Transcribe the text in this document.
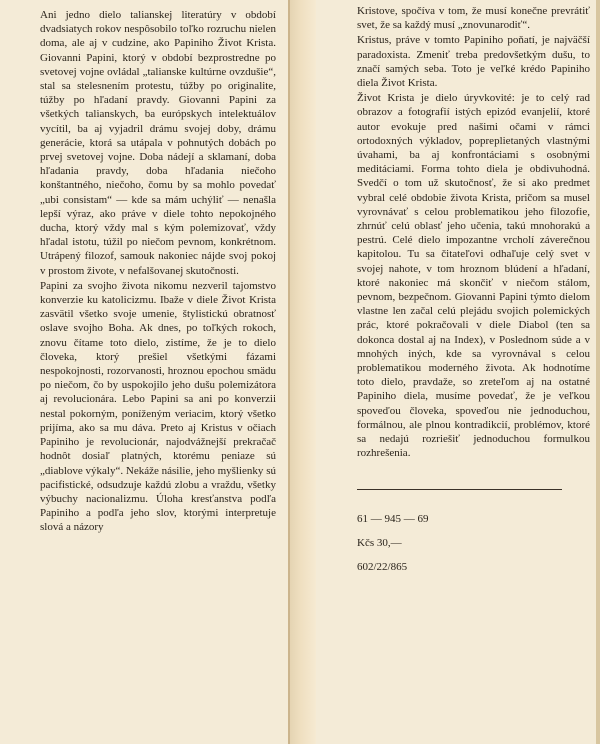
Ani jedno dielo talianskej literatúry v období dvadsiatych rokov nespôsobilo toľko rozruchu nielen doma, ale aj v cudzine, ako Papiniho Život Krista. Giovanni Papini, ktorý v období bezprostredne po svetovej vojne ovládal „talianske kultúrne ovzdušie“, stal sa stelesnením protestu, túžby po originalite, túžby po hľadaní pravdy. Giovanni Papini za všetkých talianskych, ba európskych intelektuálov vycítil, ba aj vyjadril drámu svojej doby, drámu generácie, ktorá sa utápala v pohnutých dobách po prvej svetovej vojne. Doba nádejí a sklamaní, doba hľadania pravdy, doba hľadania niečoho konštantného, niečoho, čomu by sa mohlo povedať „ubi consistam“ — kde sa mám uchýliť — nenašla lepší výraz, ako práve v diele tohto nepokojného ducha, ktorý vždy mal s kým polemizovať, vždy hľadal istotu, túžil po niečom pevnom, konkrétnom. Utrápený filozof, samouk nakoniec nájde svoj pokoj v prostom živote, v nefalšovanej skutočnosti.

Papini za svojho života nikomu nezveril tajomstvo konverzie ku katolicizmu. Ibaže v diele Život Krista zasvätil všetko svoje umenie, štylistickú obratnosť oslave svojho Boha. Ak dnes, po toľkých rokoch, znovu čítame toto dielo, zistíme, že je to dielo človeka, ktorý prešiel všetkými fázami nespokojnosti, rozorvanosti, hroznou epochou smädu po niečom, čo by uspokojilo jeho dušu polemizátora aj revolucionára. Lebo Papini sa ani po konverzii nestal pokorným, poníženým veriacim, ktorý všetko prijíma, ako sa mu dáva. Preto aj Kristus v očiach Papiniho je revolucionár, najodvážnejší prekračač hodnôt dosiaľ platných, ktorému peniaze sú „diablove výkaly“. Nekáže násilie, jeho myšlienky sú pacifistické, odsudzuje každú zlobu a vraždu, všetky výbuchy nacionalizmu. Úloha kresťanstva podľa Papiniho a podľa jeho slov, ktorými interpretuje slová a názory

Kristove, spočíva v tom, že musí konečne prevrátiť svet, že sa každý musí „znovunarodiť“.

Kristus, práve v tomto Papiniho poňatí, je najväčší paradoxista. Zmeniť treba predovšetkým dušu, to značí samých seba. Toto je veľké krédo Papiniho diela Život Krista.

Život Krista je dielo úryvkovité: je to celý rad obrazov a fotografií istých epizód evanjelií, ktoré autor evokuje pred našimi očami v rámci ortodoxných výkladov, popreplietaných vlastnými úvahami, ba aj konfrontáciami s osobnými meditáciami. Forma tohto diela je obdivuhodná. Svedčí o tom už skutočnosť, že si ako predmet vybral celé obdobie života Krista, pričom sa musel vyrovnávať s celou problematikou jeho filozofie, zhrnúť celú oblasť jeho učenia, takú mnohorakú a pestrú. Celé dielo impozantne vrcholí záverečnou kapitolou. Tu sa čitateľovi odhaľuje celý svet v svojej nahote, v tom hroznom blúdení a hľadaní, ktoré nakoniec má skončiť v niečom stálom, pevnom, bezpečnom. Giovanni Papini týmto dielom vlastne len začal celú plejádu svojich polemických prác, ktoré pokračovali v diele Diabol (ten sa dokonca dostal aj na Index), v Poslednom súde a v mnohých iných, kde sa vyrovnával s celou problematikou moderného života. Ak hodnotíme toto dielo, pravdaže, so zreteľom aj na ostatné Papiniho diela, musíme povedať, že je veľkou spoveďou človeka, spoveďou nie jednoduchou, formálnou, ale plnou kontradikcií, problémov, ktoré sa nedajú rozriešiť jednoduchou formulkou rozhrešenia.

61 — 945 — 69
Kčs 30,—
602/22/865
